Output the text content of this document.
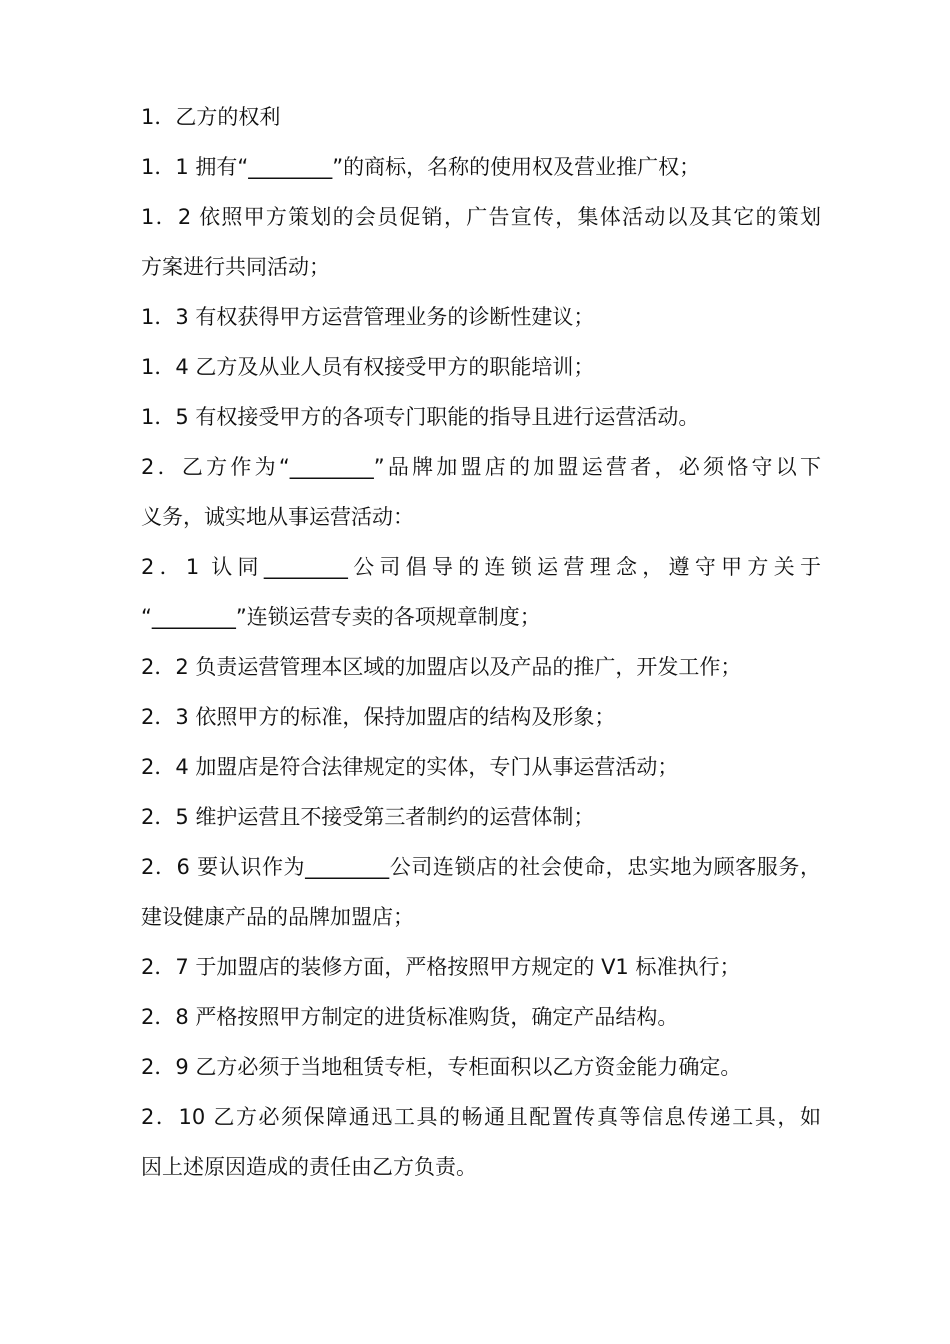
1．乙方的权利
1．1 拥有“________”的商标，名称的使用权及营业推广权；
1．2 依照甲方策划的会员促销，广告宣传，集体活动以及其它的策划
方案进行共同活动；
1．3 有权获得甲方运营管理业务的诊断性建议；
1．4 乙方及从业人员有权接受甲方的职能培训；
1．5 有权接受甲方的各项专门职能的指导且进行运营活动。
2．乙方作为“________”品牌加盟店的加盟运营者，必须恪守以下
义务，诚实地从事运营活动：
2．1 认同________公司倡导的连锁运营理念，遵守甲方关于
“________”连锁运营专卖的各项规章制度；
2．2 负责运营管理本区域的加盟店以及产品的推广，开发工作；
2．3 依照甲方的标准，保持加盟店的结构及形象；
2．4 加盟店是符合法律规定的实体，专门从事运营活动；
2．5 维护运营且不接受第三者制约的运营体制；
2．6 要认识作为________公司连锁店的社会使命，忠实地为顾客服务，
建设健康产品的品牌加盟店；
2．7 于加盟店的装修方面，严格按照甲方规定的 V1 标准执行；
2．8 严格按照甲方制定的进货标准购货，确定产品结构。
2．9 乙方必须于当地租赁专柜，专柜面积以乙方资金能力确定。
2．10 乙方必须保障通迅工具的畅通且配置传真等信息传递工具，如
因上述原因造成的责任由乙方负责。
